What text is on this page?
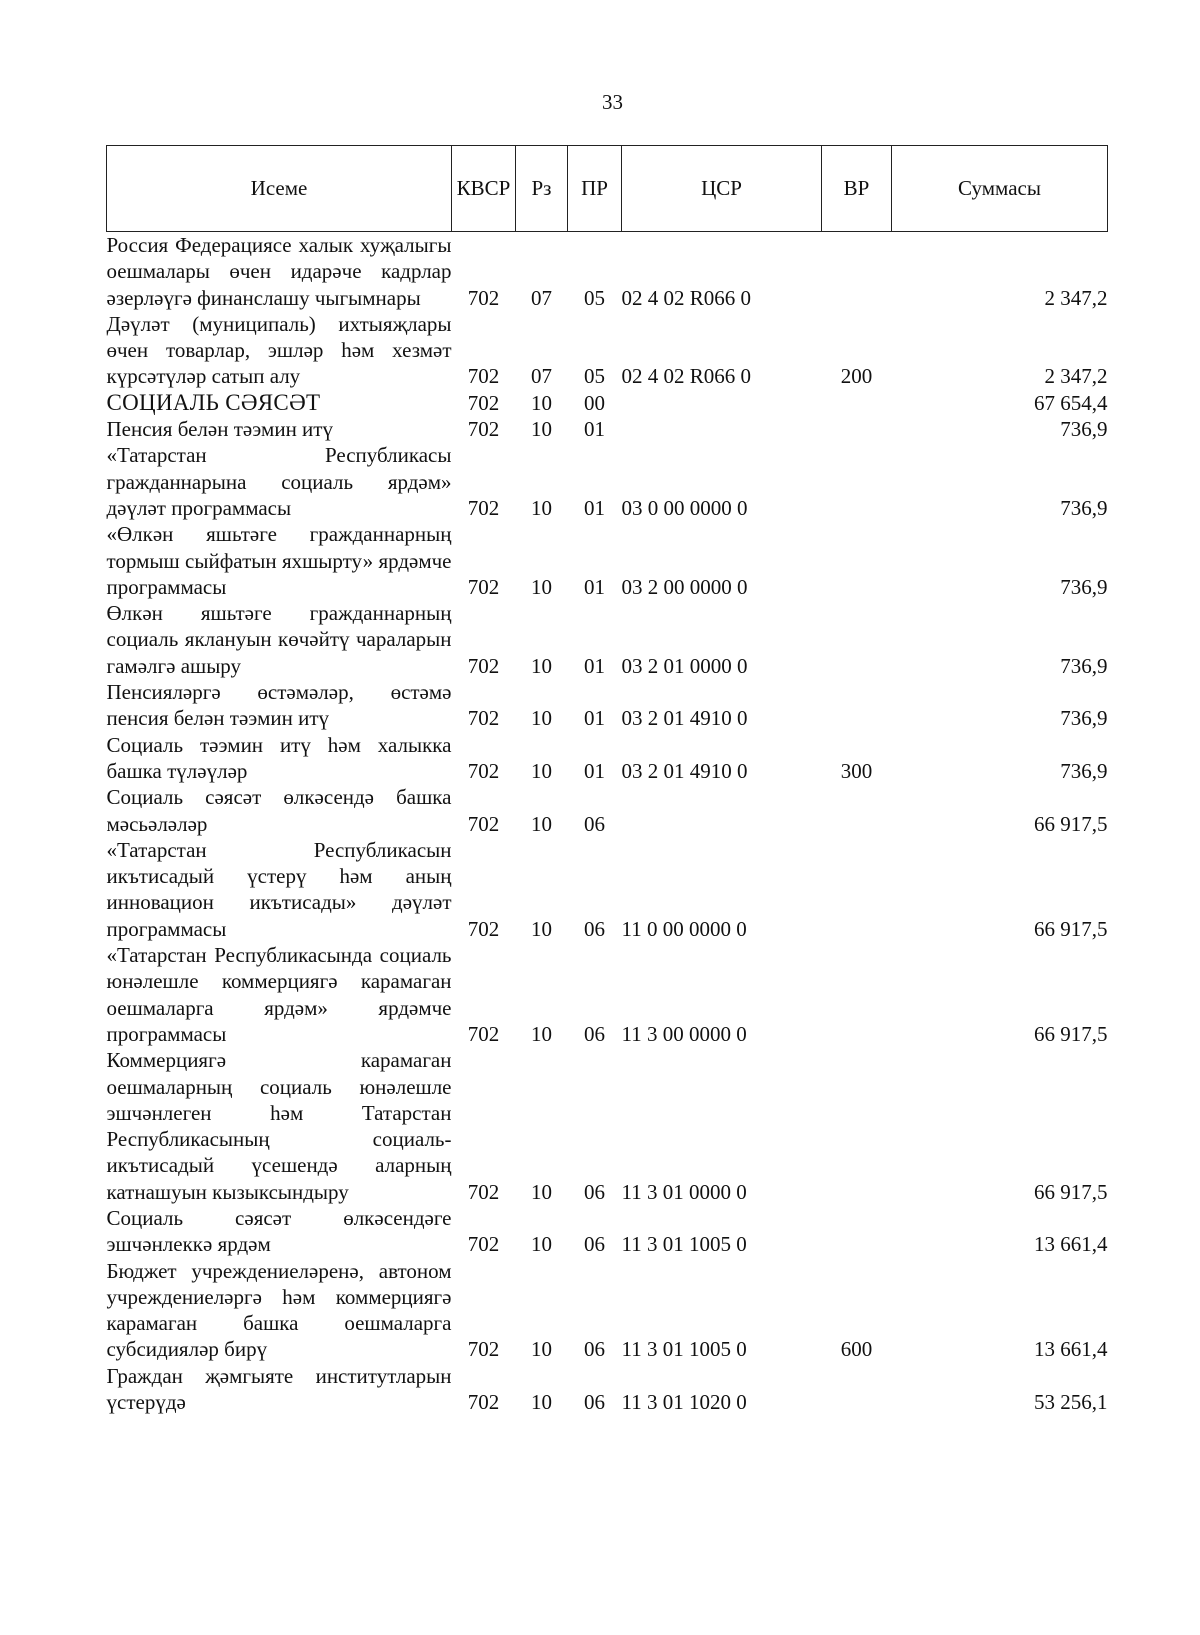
33
Исеме	КВСР	Рз	ПР	ЦСР	ВР	Суммасы
Россия Федерациясе халык хуҗалыгы оешмалары өчен идарәче кадрлар әзерләүгә финанслашу чыгымнары	702	07	05	02 4 02 R066 0		2 347,2
Дәүләт (муниципаль) ихтыяҗлары өчен товарлар, эшләр һәм хезмәт күрсәтүләр сатып алу	702	07	05	02 4 02 R066 0	200	2 347,2
СОЦИАЛЬ СӘЯСӘТ	702	10	00			67 654,4
Пенсия белән тәэмин итү	702	10	01			736,9
«Татарстан Республикасы гражданнарына социаль ярдәм» дәүләт программасы	702	10	01	03 0 00 0000 0		736,9
«Өлкән яшьтәге гражданнарның тормыш сыйфатын яхшырту» ярдәмче программасы	702	10	01	03 2 00 0000 0		736,9
Өлкән яшьтәге гражданнарның социаль яклануын көчәйтү чараларын гамәлгә ашыру	702	10	01	03 2 01 0000 0		736,9
Пенсияләргә өстәмәләр, өстәмә пенсия белән тәэмин итү	702	10	01	03 2 01 4910 0		736,9
Социаль тәэмин итү һәм халыкка башка түләүләр	702	10	01	03 2 01 4910 0	300	736,9
Социаль сәясәт өлкәсендә башка мәсьәләләр	702	10	06			66 917,5
«Татарстан Республикасын икътисадый үстерү һәм аның инновацион икътисады» дәүләт программасы	702	10	06	11 0 00 0000 0		66 917,5
«Татарстан Республикасында социаль юнәлешле коммерциягә карамаган оешмаларга ярдәм» ярдәмче программасы	702	10	06	11 3 00 0000 0		66 917,5
Коммерциягә карамаган оешмаларның социаль юнәлешле эшчәнлеген һәм Татарстан Республикасының социаль-икътисадый үсешендә аларның катнашуын кызыксындыру	702	10	06	11 3 01 0000 0		66 917,5
Социаль сәясәт өлкәсендәге эшчәнлеккә ярдәм	702	10	06	11 3 01 1005 0		13 661,4
Бюджет учреждениеләренә, автоном учреждениеләргә һәм коммерциягә карамаган башка оешмаларга субсидияләр бирү	702	10	06	11 3 01 1005 0	600	13 661,4
Граждан җәмгыяте институтларын үстерүдә	702	10	06	11 3 01 1020 0		53 256,1
